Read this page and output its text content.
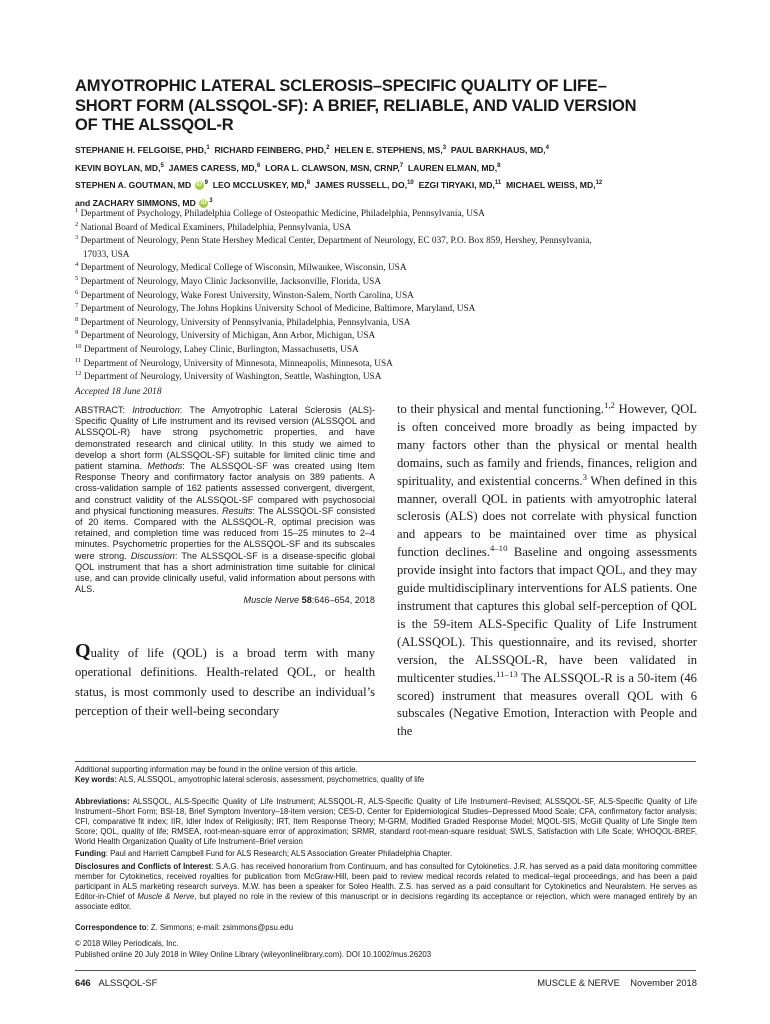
AMYOTROPHIC LATERAL SCLEROSIS–SPECIFIC QUALITY OF LIFE–
SHORT FORM (ALSSQOL-SF): A BRIEF, RELIABLE, AND VALID VERSION
OF THE ALSSQOL-R
STEPHANIE H. FELGOISE, PHD,$^1$ RICHARD FEINBERG, PHD,$^2$ HELEN E. STEPHENS, MS,$^3$ PAUL BARKHAUS, MD,$^4$
KEVIN BOYLAN, MD,$^5$ JAMES CARESS, MD,$^6$ LORA L. CLAWSON, MSN, CRNP,$^7$ LAUREN ELMAN, MD,$^8$
STEPHEN A. GOUTMAN, MD iD $^9$ LEO MCCLUSKEY, MD,$^8$ JAMES RUSSELL, DO,$^{10}$ EZGI TIRYAKI, MD,$^{11}$ MICHAEL WEISS, MD,$^{12}$
and ZACHARY SIMMONS, MD iD $^3$
$^1$ Department of Psychology, Philadelphia College of Osteopathic Medicine, Philadelphia, Pennsylvania, USA
$^2$ National Board of Medical Examiners, Philadelphia, Pennsylvania, USA
$^3$ Department of Neurology, Penn State Hershey Medical Center, Department of Neurology, EC 037, P.O. Box 859, Hershey, Pennsylvania,
17033, USA
$^4$ Department of Neurology, Medical College of Wisconsin, Milwaukee, Wisconsin, USA
$^5$ Department of Neurology, Mayo Clinic Jacksonville, Jacksonville, Florida, USA
$^6$ Department of Neurology, Wake Forest University, Winston-Salem, North Carolina, USA
$^7$ Department of Neurology, The Johns Hopkins University School of Medicine, Baltimore, Maryland, USA
$^8$ Department of Neurology, University of Pennsylvania, Philadelphia, Pennsylvania, USA
$^9$ Department of Neurology, University of Michigan, Ann Arbor, Michigan, USA
$^{10}$ Department of Neurology, Lahey Clinic, Burlington, Massachusetts, USA
$^{11}$ Department of Neurology, University of Minnesota, Minneapolis, Minnesota, USA
$^{12}$ Department of Neurology, University of Washington, Seattle, Washington, USA
Accepted 18 June 2018
ABSTRACT: Introduction: The Amyotrophic Lateral Sclerosis (ALS)-Specific Quality of Life instrument and its revised version (ALSSQOL and ALSSQOL-R) have strong psychometric properties, and have demonstrated research and clinical utility. In this study we aimed to develop a short form (ALSSQOL-SF) suitable for limited clinic time and patient stamina. Methods: The ALSSQOL-SF was created using Item Response Theory and confirmatory factor analysis on 389 patients. A cross-validation sample of 162 patients assessed convergent, divergent, and construct validity of the ALSSQOL-SF compared with psychosocial and physical functioning measures. Results: The ALSSQOL-SF consisted of 20 items. Compared with the ALSSQOL-R, optimal precision was retained, and completion time was reduced from 15–25 minutes to 2–4 minutes. Psychometric properties for the ALSSQOL-SF and its subscales were strong. Discussion: The ALSSQOL-SF is a disease-specific global QOL instrument that has a short administration time suitable for clinical use, and can provide clinically useful, valid information about persons with ALS.
Muscle Nerve 58:646–654, 2018
Quality of life (QOL) is a broad term with many operational definitions. Health-related QOL, or health status, is most commonly used to describe an individual’s perception of their well-being secondary
to their physical and mental functioning.$^{1,2}$ However, QOL is often conceived more broadly as being impacted by many factors other than the physical or mental health domains, such as family and friends, finances, religion and spirituality, and existential concerns.$^3$ When defined in this manner, overall QOL in patients with amyotrophic lateral sclerosis (ALS) does not correlate with physical function and appears to be maintained over time as physical function declines.$^{4-10}$ Baseline and ongoing assessments provide insight into factors that impact QOL, and they may guide multidisciplinary interventions for ALS patients. One instrument that captures this global self-perception of QOL is the 59-item ALS-Specific Quality of Life Instrument (ALSSQOL). This questionnaire, and its revised, shorter version, the ALSSQOL-R, have been validated in multicenter studies.$^{11-13}$ The ALSSQOL-R is a 50-item (46 scored) instrument that measures overall QOL with 6 subscales (Negative Emotion, Interaction with People and the
Additional supporting information may be found in the online version of this article.
Key words: ALS, ALSSQOL, amyotrophic lateral sclerosis, assessment, psychometrics, quality of life
Abbreviations: ALSSQOL, ALS-Specific Quality of Life Instrument; ALSSQOL-R, ALS-Specific Quality of Life Instrument–Revised; ALSSQOL-SF, ALS-Specific Quality of Life Instrument–Short Form; BSI-18, Brief Symptom Inventory–18-item version; CES-D, Center for Epidemiological Studies–Depressed Mood Scale; CFA, confirmatory factor analysis; CFI, comparative fit index; IIR, Idler Index of Religiosity; IRT, Item Response Theory; M-GRM, Modified Graded Response Model; MQOL-SIS, McGill Quality of Life Single Item Score; QOL, quality of life; RMSEA, root-mean-square error of approximation; SRMR, standard root-mean-square residual; SWLS, Satisfaction with Life Scale; WHOQOL-BREF, World Health Organization Quality of Life Instrument–Brief version
Funding: Paul and Harriett Campbell Fund for ALS Research; ALS Association Greater Philadelphia Chapter.
Disclosures and Conflicts of Interest: S.A.G. has received honorarium from Continuum, and has consulted for Cytokinetics. J.R. has served as a paid data monitoring committee member for Cytokinetics, received royalties for publication from McGraw-Hill, been paid to review medical records related to medical–legal proceedings, and has been a paid participant in ALS marketing research surveys. M.W. has been a speaker for Soleo Health. Z.S. has served as a paid consultant for Cytokinetics and Neuralstem. He serves as Editor-in-Chief of Muscle & Nerve, but played no role in the review of this manuscript or in decisions regarding its acceptance or rejection, which were managed entirely by an associate editor.
Correspondence to: Z. Simmons; e-mail: zsimmons@psu.edu
© 2018 Wiley Periodicals, Inc.
Published online 20 July 2018 in Wiley Online Library (wileyonlinelibrary.com). DOI 10.1002/mus.26203
646 ALSSQOL-SF	MUSCLE & NERVE November 2018
